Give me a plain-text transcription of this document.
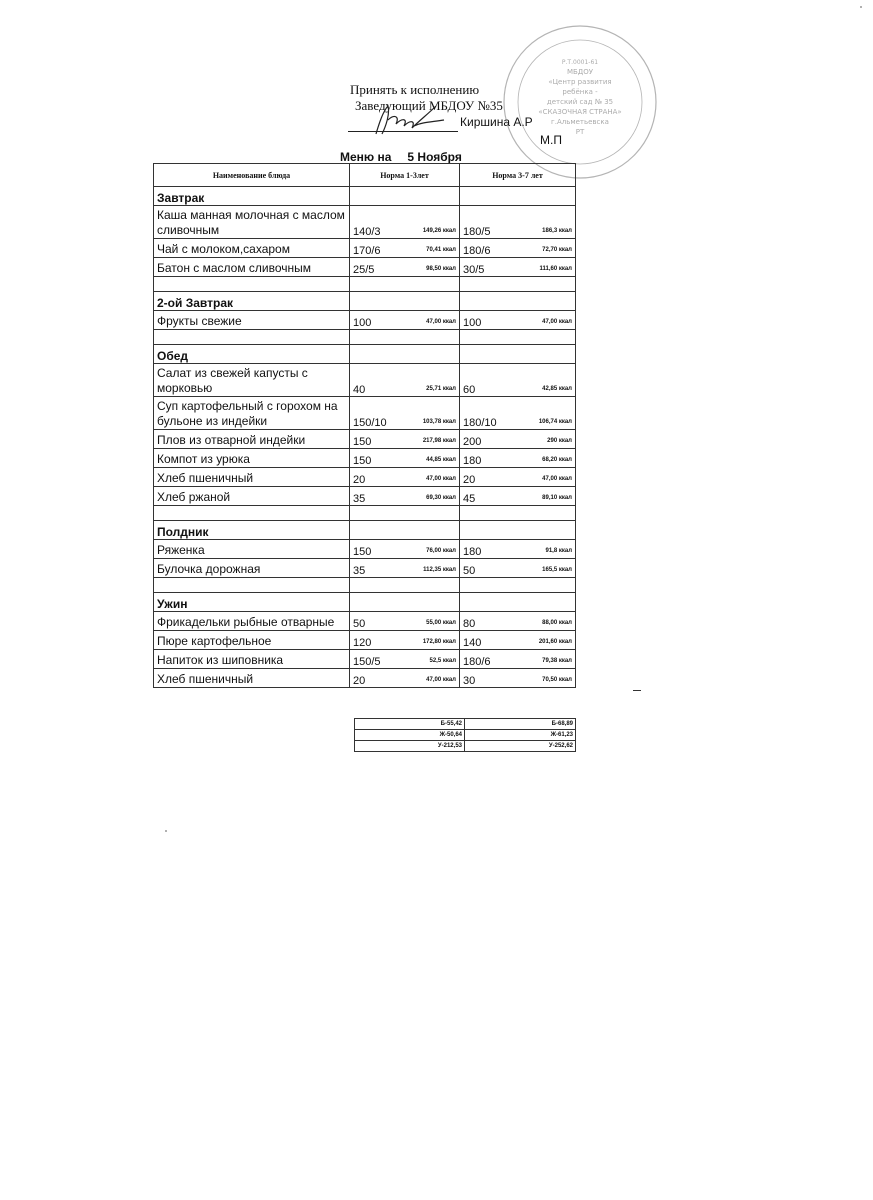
Принять к исполнению
Заведующий МБДОУ №35
Киршина А.Р
М.П
Р.Т.0001-61
МБДОУ
«Центр развития
ребёнка -
детский сад № 35
«СКАЗОЧНАЯ СТРАНА»
г.Альметьевска
РТ
Меню на 5 Ноября
Наименование блюда	Норма 1-3лет	Норма 3-7 лет
Завтрак		
Каша манная молочная с маслом сливочным	140/3 149,26 ккал	180/5 186,3 ккал

Чай с молоком,сахаром	170/6 70,41 ккал	180/6 72,70 ккал

Батон с маслом сливочным	25/5 98,50 ккал	30/5 111,60 ккал

2-ой Завтрак		
Фрукты свежие	100 47,00 ккал	100 47,00 ккал

Обед		
Салат из свежей капусты с морковью	40 25,71 ккал	60 42,85 ккал

Суп картофельный с горохом на бульоне из индейки	150/10 103,78 ккал	180/10 106,74 ккал

Плов из отварной индейки	150 217,98 ккал	200 290 ккал

Компот из урюка	150 44,85 ккал	180 68,20 ккал

Хлеб пшеничный	20 47,00 ккал	20 47,00 ккал

Хлеб ржаной	35 69,30 ккал	45 89,10 ккал

Полдник		
Ряженка	150 76,00 ккал	180 91,8 ккал

Булочка дорожная	35 112,35 ккал	50 165,5 ккал

Ужин		
Фрикадельки рыбные отварные	50 55,00 ккал	80 88,00 ккал

Пюре картофельное	120 172,80 ккал	140 201,60 ккал

Напиток из шиповника	150/5 52,5 ккал	180/6 79,38 ккал

Хлеб пшеничный	20 47,00 ккал	30 70,50 ккал
Б-55,42	Б-68,89
Ж-50,64	Ж-61,23
У-212,53	У-252,62
